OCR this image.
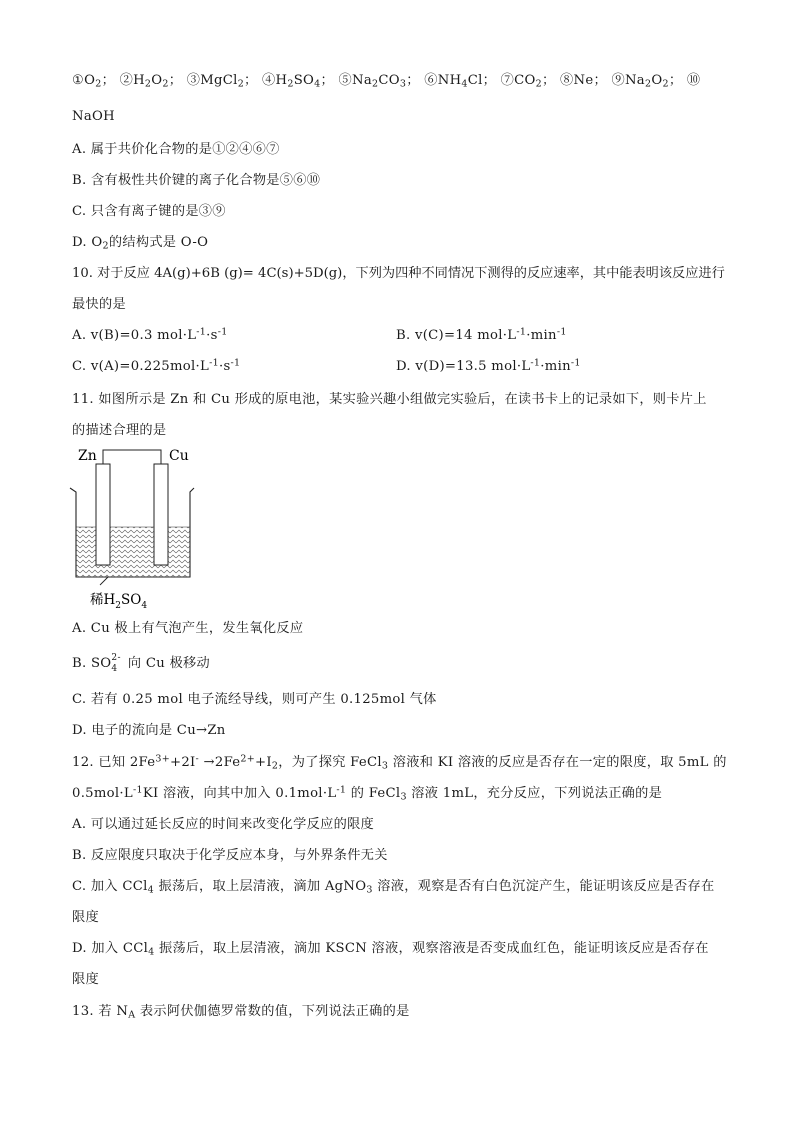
$①O_2$； $②H_2O_2$； ③MgCl$_2$； $④H_2SO_4$； $⑤Na_2CO_3$； $⑥NH_4Cl$； $⑦CO_2$； ⑧Ne； $⑨Na_2O_2$； ⑩
NaOH
A. 属于共价化合物的是①②④⑥⑦
B. 含有极性共价键的离子化合物是⑤⑥⑩
C. 只含有离子键的是③⑨
D. $O_2$的结构式是 O-O
10. 对于反应 4A(g)+6B (g)= 4C(s)+5D(g)，下列为四种不同情况下测得的反应速率，其中能表明该反应进行
最快的是
A. v(B)=0.3 $mol\cdot L^{-1}\cdot s^{-1}$	B. v(C)=14 $mol\cdot L^{-1}\cdot\min^{-1}$
C. $v(A)=0.225mol\cdot L^{-1}\cdot s^{-1}$	D. v(D)=13.5 $mol\cdot L^{-1}\cdot\min^{-1}$
11. 如图所示是 Zn 和 Cu 形成的原电池，某实验兴趣小组做完实验后，在读书卡上的记录如下，则卡片上
的描述合理的是
Zn	Cu
稀$H_2SO_4$
A. Cu 极上有气泡产生，发生氧化反应
B. SO 2-
4 向 Cu 极移动
C. 若有 0.25 mol 电子流经导线，则可产生 0.125mol 气体
D. 电子的流向是 Cu→Zn
12. 已知 $2Fe^{3+}+2I^- \to 2Fe^{2+}+I_2$，为了探究 FeCl$_3$ 溶液和 KI 溶液的反应是否存在一定的限度，取 5mL 的
$0.5mol\cdot L^{-1}KI$ 溶液，向其中加入 $0.1mol\cdot L^{-1}$ 的 FeCl$_3$ 溶液 1mL，充分反应，下列说法正确的是
A. 可以通过延长反应的时间来改变化学反应的限度
B. 反应限度只取决于化学反应本身，与外界条件无关
C. 加入 CCl$_4$ 振荡后，取上层清液，滴加 AgNO$_3$ 溶液，观察是否有白色沉淀产生，能证明该反应是否存在
限度
D. 加入 CCl$_4$ 振荡后，取上层清液，滴加 KSCN 溶液，观察溶液是否变成血红色，能证明该反应是否存在
限度
13. 若 $N_A$ 表示阿伏伽德罗常数的值，下列说法正确的是
